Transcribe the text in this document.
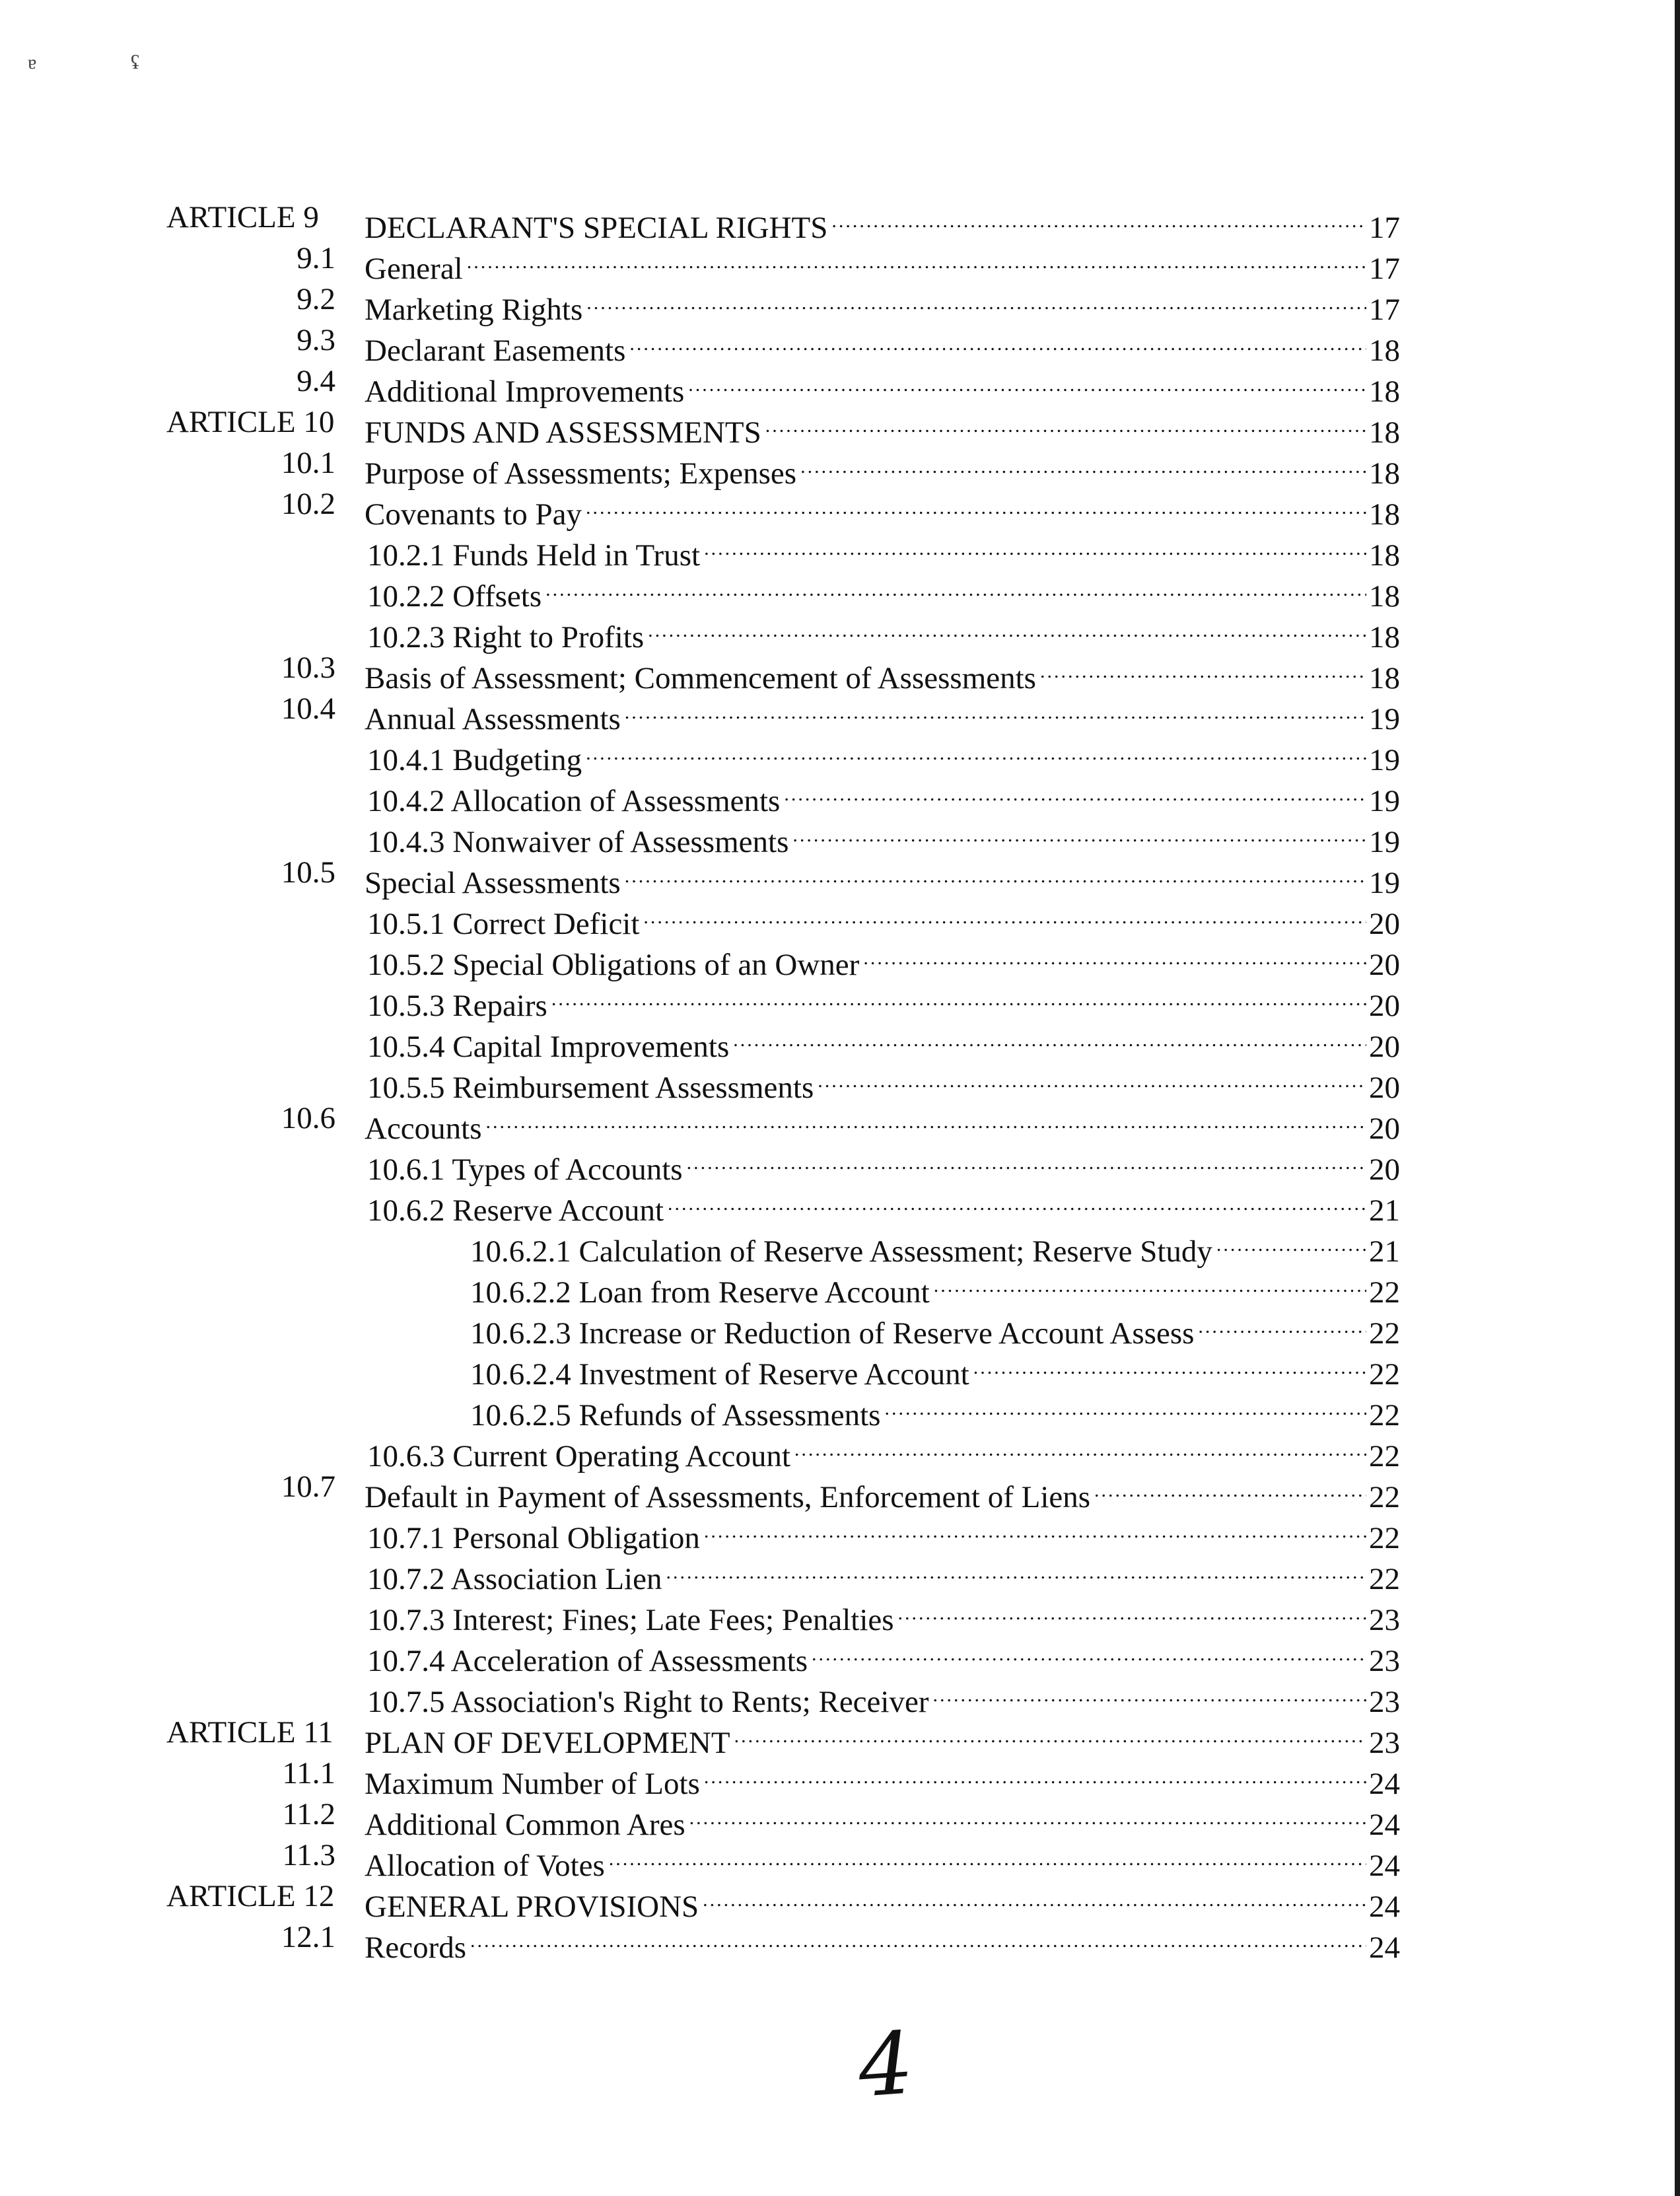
ɐ	ʢ
ARTICLE 9 DECLARANT'S SPECIAL RIGHTS .....	17
9.1 General .....	17
9.2 Marketing Rights .....	17
9.3 Declarant Easements .....	18
9.4 Additional Improvements .....	18
ARTICLE 10 FUNDS AND ASSESSMENTS .....	18
10.1 Purpose of Assessments; Expenses .....	18
10.2 Covenants to Pay .....	18
10.2.1 Funds Held in Trust .....	18
10.2.2 Offsets .....	18
10.2.3 Right to Profits .....	18
10.3 Basis of Assessment; Commencement of Assessments .....	18
10.4 Annual Assessments .....	19
10.4.1 Budgeting .....	19
10.4.2 Allocation of Assessments .....	19
10.4.3 Nonwaiver of Assessments .....	19
10.5 Special Assessments .....	19
10.5.1 Correct Deficit .....	20
10.5.2 Special Obligations of an Owner .....	20
10.5.3 Repairs .....	20
10.5.4 Capital Improvements .....	20
10.5.5 Reimbursement Assessments .....	20
10.6 Accounts .....	20
10.6.1 Types of Accounts .....	20
10.6.2 Reserve Account .....	21
10.6.2.1 Calculation of Reserve Assessment; Reserve Study .....	21
10.6.2.2 Loan from Reserve Account .....	22
10.6.2.3 Increase or Reduction of Reserve Account Assess .....	22
10.6.2.4 Investment of Reserve Account .....	22
10.6.2.5 Refunds of Assessments .....	22
10.6.3 Current Operating Account .....	22
10.7 Default in Payment of Assessments, Enforcement of Liens .....	22
10.7.1 Personal Obligation .....	22
10.7.2 Association Lien .....	22
10.7.3 Interest; Fines; Late Fees; Penalties .....	23
10.7.4 Acceleration of Assessments .....	23
10.7.5 Association's Right to Rents; Receiver .....	23
ARTICLE 11 PLAN OF DEVELOPMENT .....	23
11.1 Maximum Number of Lots .....	24
11.2 Additional Common Ares .....	24
11.3 Allocation of Votes .....	24
ARTICLE 12 GENERAL PROVISIONS .....	24
12.1 Records .....	24
4
